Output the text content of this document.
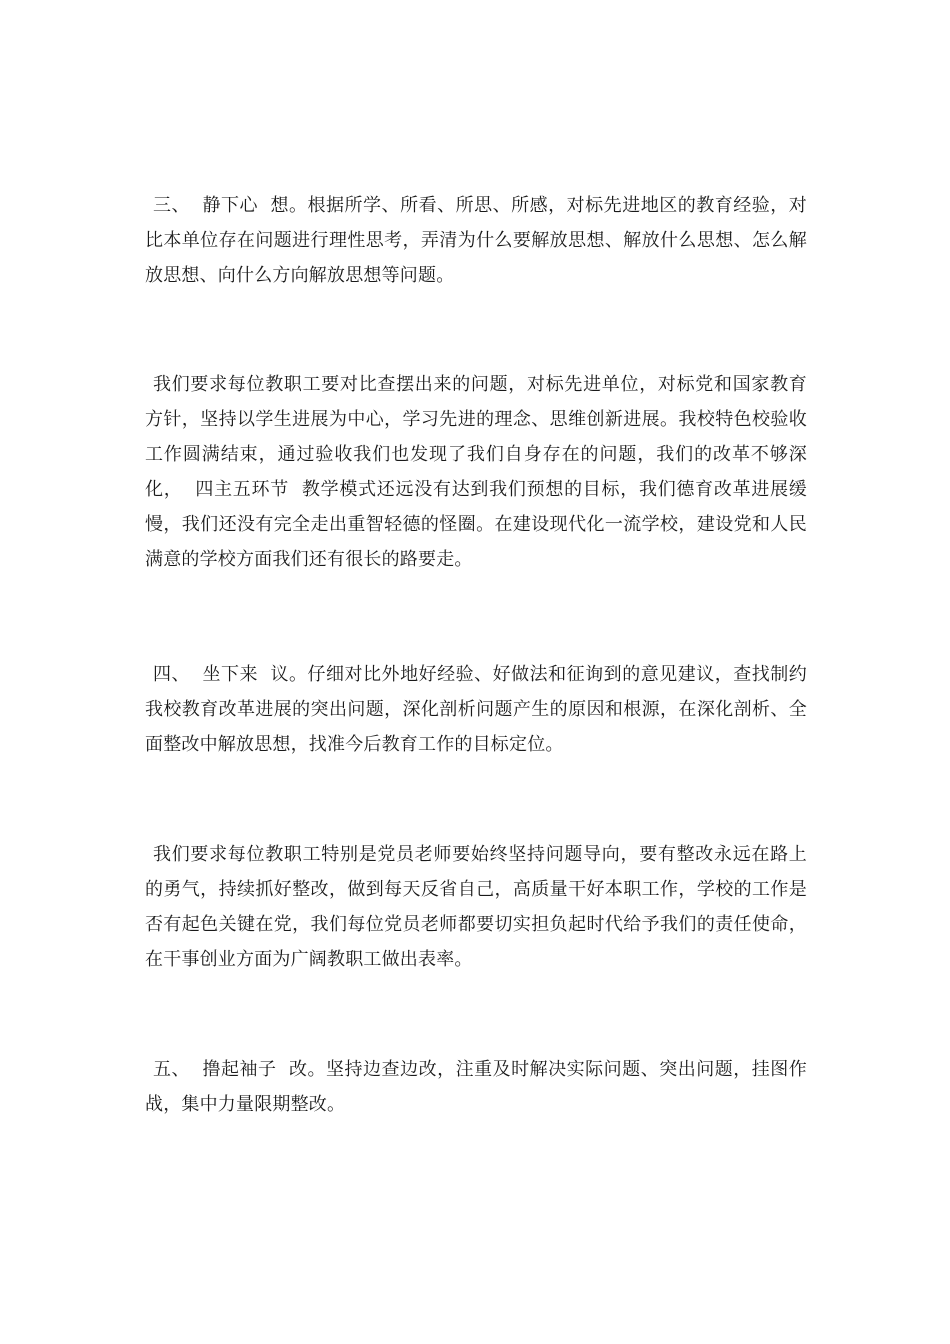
三、  静下心  想。根据所学、所看、所思、所感，对标先进地区的教育经验，对比本单位存在问题进行理性思考，弄清为什么要解放思想、解放什么思想、怎么解放思想、向什么方向解放思想等问题。

我们要求每位教职工要对比查摆出来的问题，对标先进单位，对标党和国家教育方针，坚持以学生进展为中心，学习先进的理念、思维创新进展。我校特色校验收工作圆满结束，通过验收我们也发现了我们自身存在的问题，我们的改革不够深化，  四主五环节  教学模式还远没有达到我们预想的目标，我们德育改革进展缓慢，我们还没有完全走出重智轻德的怪圈。在建设现代化一流学校，建设党和人民满意的学校方面我们还有很长的路要走。

四、  坐下来  议。仔细对比外地好经验、好做法和征询到的意见建议，查找制约我校教育改革进展的突出问题，深化剖析问题产生的原因和根源，在深化剖析、全面整改中解放思想，找准今后教育工作的目标定位。

我们要求每位教职工特别是党员老师要始终坚持问题导向，要有整改永远在路上的勇气，持续抓好整改，做到每天反省自己，高质量干好本职工作，学校的工作是否有起色关键在党，我们每位党员老师都要切实担负起时代给予我们的责任使命，在干事创业方面为广阔教职工做出表率。

五、  撸起袖子  改。坚持边查边改，注重及时解决实际问题、突出问题，挂图作战，集中力量限期整改。
